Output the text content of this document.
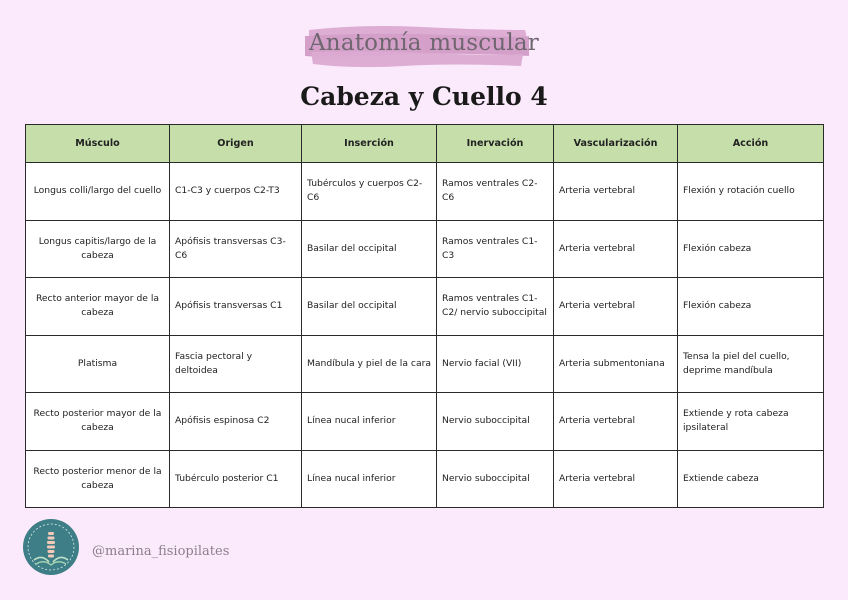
Anatomía muscular
Cabeza y Cuello 4
Músculo	Origen	Inserción	Inervación	Vascularización	Acción
Longus colli/largo del cuello	C1-C3 y cuerpos C2-T3	Tubérculos y cuerpos C2-C6	Ramos ventrales C2-C6	Arteria vertebral	Flexión y rotación cuello
Longus capitis/largo de la cabeza	Apófisis transversas C3-C6	Basilar del occipital	Ramos ventrales C1-C3	Arteria vertebral	Flexión cabeza
Recto anterior mayor de la cabeza	Apófisis transversas C1	Basilar del occipital	Ramos ventrales C1-C2/ nervio suboccipital	Arteria vertebral	Flexión cabeza
Platisma	Fascia pectoral y deltoidea	Mandíbula y piel de la cara	Nervio facial (VII)	Arteria submentoniana	Tensa la piel del cuello, deprime mandíbula
Recto posterior mayor de la cabeza	Apófisis espinosa C2	Línea nucal inferior	Nervio suboccipital	Arteria vertebral	Extiende y rota cabeza ipsilateral
Recto posterior menor de la cabeza	Tubérculo posterior C1	Línea nucal inferior	Nervio suboccipital	Arteria vertebral	Extiende cabeza
@marina_fisiopilates
